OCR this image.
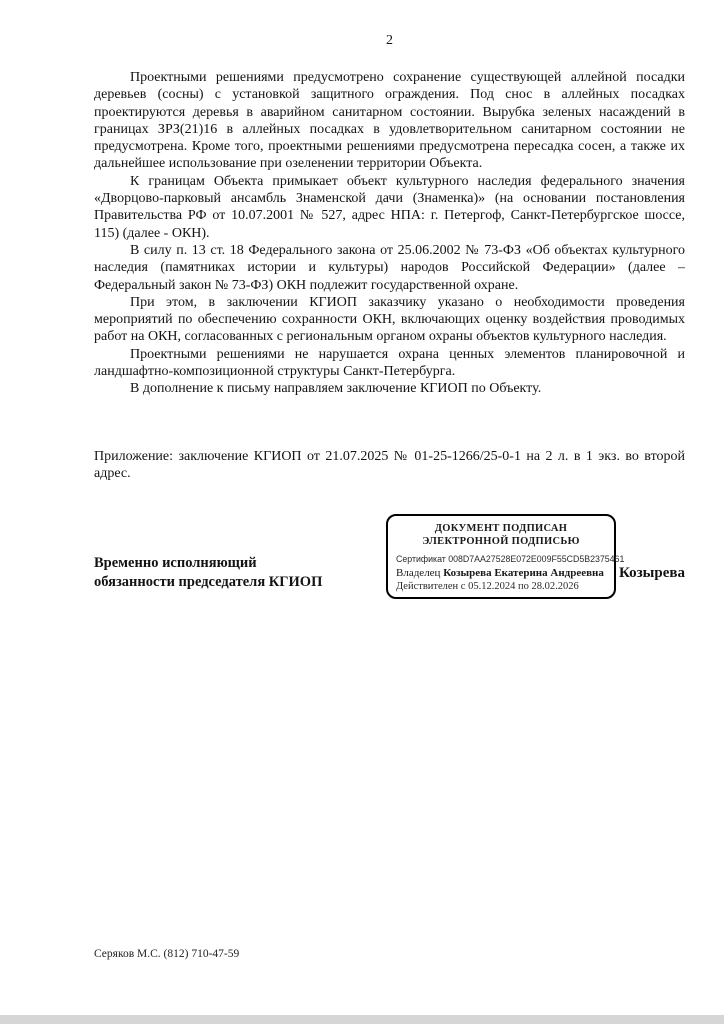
2

Проектными решениями предусмотрено сохранение существующей аллейной посадки деревьев (сосны) с установкой защитного ограждения. Под снос в аллейных посадках проектируются деревья в аварийном санитарном состоянии. Вырубка зеленых насаждений в границах ЗРЗ(21)16 в аллейных посадках в удовлетворительном санитарном состоянии не предусмотрена. Кроме того, проектными решениями предусмотрена пересадка сосен, а также их дальнейшее использование при озеленении территории Объекта.

К границам Объекта примыкает объект культурного наследия федерального значения «Дворцово-парковый ансамбль Знаменской дачи (Знаменка)» (на основании постановления Правительства РФ от 10.07.2001 № 527, адрес НПА: г. Петергоф, Санкт-Петербургское шоссе, 115) (далее - ОКН).

В силу п. 13 ст. 18 Федерального закона от 25.06.2002 № 73-ФЗ «Об объектах культурного наследия (памятниках истории и культуры) народов Российской Федерации» (далее – Федеральный закон № 73-ФЗ) ОКН подлежит государственной охране.

При этом, в заключении КГИОП заказчику указано о необходимости проведения мероприятий по обеспечению сохранности ОКН, включающих оценку воздействия проводимых работ на ОКН, согласованных с региональным органом охраны объектов культурного наследия.

Проектными решениями не нарушается охрана ценных элементов планировочной и ландшафтно-композиционной структуры Санкт-Петербурга.

В дополнение к письму направляем заключение КГИОП по Объекту.

Приложение: заключение КГИОП от 21.07.2025 № 01-25-1266/25-0-1 на 2 л. в 1 экз. во второй адрес.

Временно исполняющий
обязанности председателя КГИОП
ДОКУМЕНТ ПОДПИСАН
ЭЛЕКТРОННОЙ ПОДПИСЬЮ
Сертификат 008D7AA27528E072E009F55CD5B2375461
Владелец Козырева Екатерина Андреевна
Действителен с 05.12.2024 по 28.02.2026
Козырева
Серяков М.С. (812) 710-47-59
